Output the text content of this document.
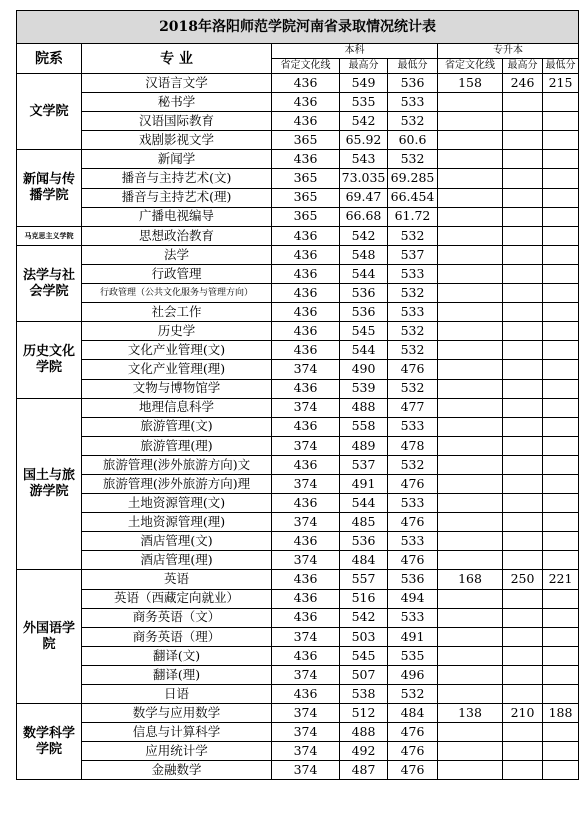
2018年洛阳师范学院河南省录取情况统计表							
院系	专 业	本科			专升本		
		省定文化线	最高分	最低分	省定文化线	最高分	最低分
文学院	汉语言文学	436	549	536	158	246	215
	秘书学	436	535	533			
	汉语国际教育	436	542	532			
	戏剧影视文学	365	65.92	60.6			
新闻与传播学院	新闻学	436	543	532			
	播音与主持艺术(文)	365	73.035	69.285			
	播音与主持艺术(理)	365	69.47	66.454			
	广播电视编导	365	66.68	61.72			
马克思主义学院	思想政治教育	436	542	532			
法学与社会学院	法学	436	548	537			
	行政管理	436	544	533			
	行政管理（公共文化服务与管理方向）	436	536	532			
	社会工作	436	536	533			
历史文化学院	历史学	436	545	532			
	文化产业管理(文)	436	544	532			
	文化产业管理(理)	374	490	476			
	文物与博物馆学	436	539	532			
国土与旅游学院	地理信息科学	374	488	477			
	旅游管理(文)	436	558	533			
	旅游管理(理)	374	489	478			
	旅游管理(涉外旅游方向)文	436	537	532			
	旅游管理(涉外旅游方向)理	374	491	476			
	土地资源管理(文)	436	544	533			
	土地资源管理(理)	374	485	476			
	酒店管理(文)	436	536	533			
	酒店管理(理)	374	484	476			
外国语学院	英语	436	557	536	168	250	221
	英语（西藏定向就业）	436	516	494			
	商务英语（文）	436	542	533			
	商务英语（理）	374	503	491			
	翻译(文)	436	545	535			
	翻译(理)	374	507	496			
	日语	436	538	532			
数学科学学院	数学与应用数学	374	512	484	138	210	188
	信息与计算科学	374	488	476			
	应用统计学	374	492	476			
	金融数学	374	487	476			
